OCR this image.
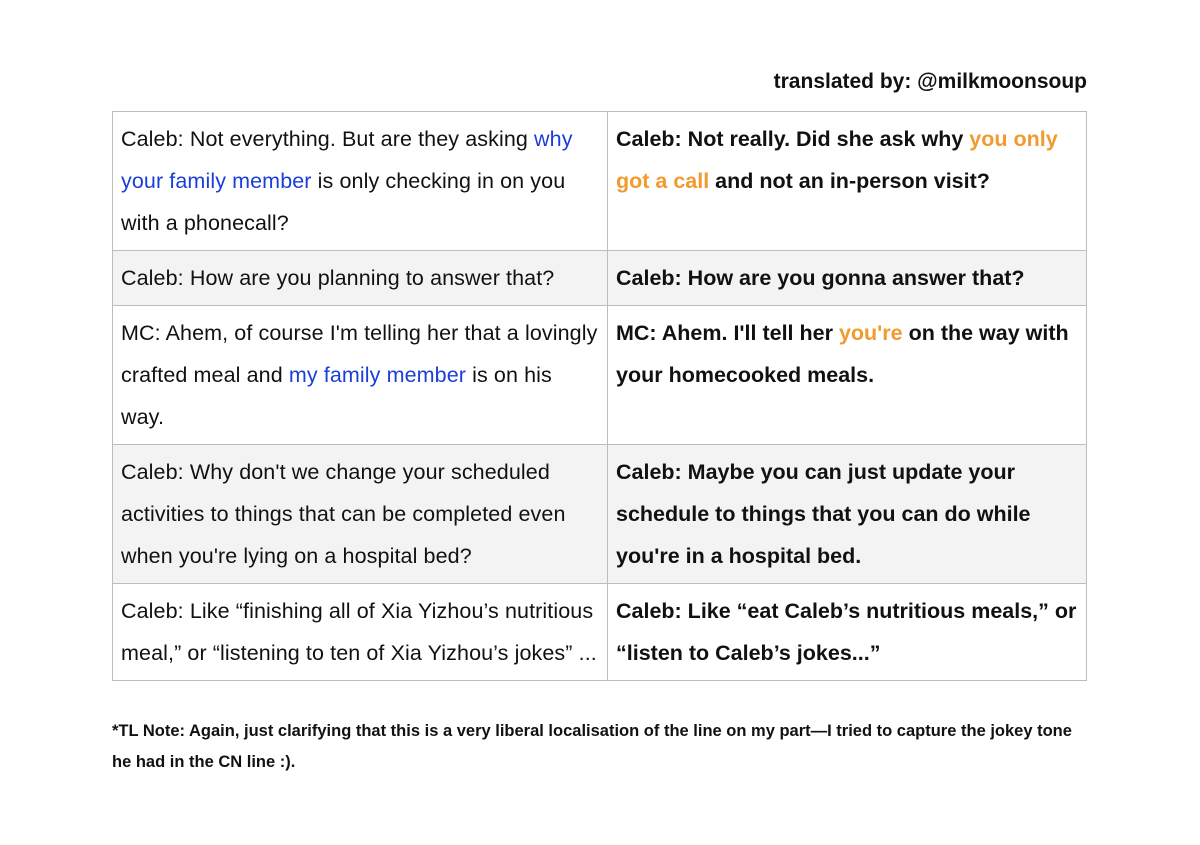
translated by: @milkmoonsoup
Caleb: Not everything. But are they asking why your family member is only checking in on you with a phonecall?	Caleb: Not really. Did she ask why you only got a call and not an in-person visit?
Caleb: How are you planning to answer that?	Caleb: How are you gonna answer that?
MC: Ahem, of course I'm telling her that a lovingly crafted meal and my family member is on his way.	MC: Ahem. I'll tell her you're on the way with your homecooked meals.
Caleb: Why don't we change your scheduled activities to things that can be completed even when you're lying on a hospital bed?	Caleb: Maybe you can just update your schedule to things that you can do while you're in a hospital bed.
Caleb: Like “finishing all of Xia Yizhou’s nutritious meal,” or “listening to ten of Xia Yizhou’s jokes” ...	Caleb: Like “eat Caleb’s nutritious meals,” or “listen to Caleb’s jokes...”
*TL Note: Again, just clarifying that this is a very liberal localisation of the line on my part—I tried to capture the jokey tone he had in the CN line :).
